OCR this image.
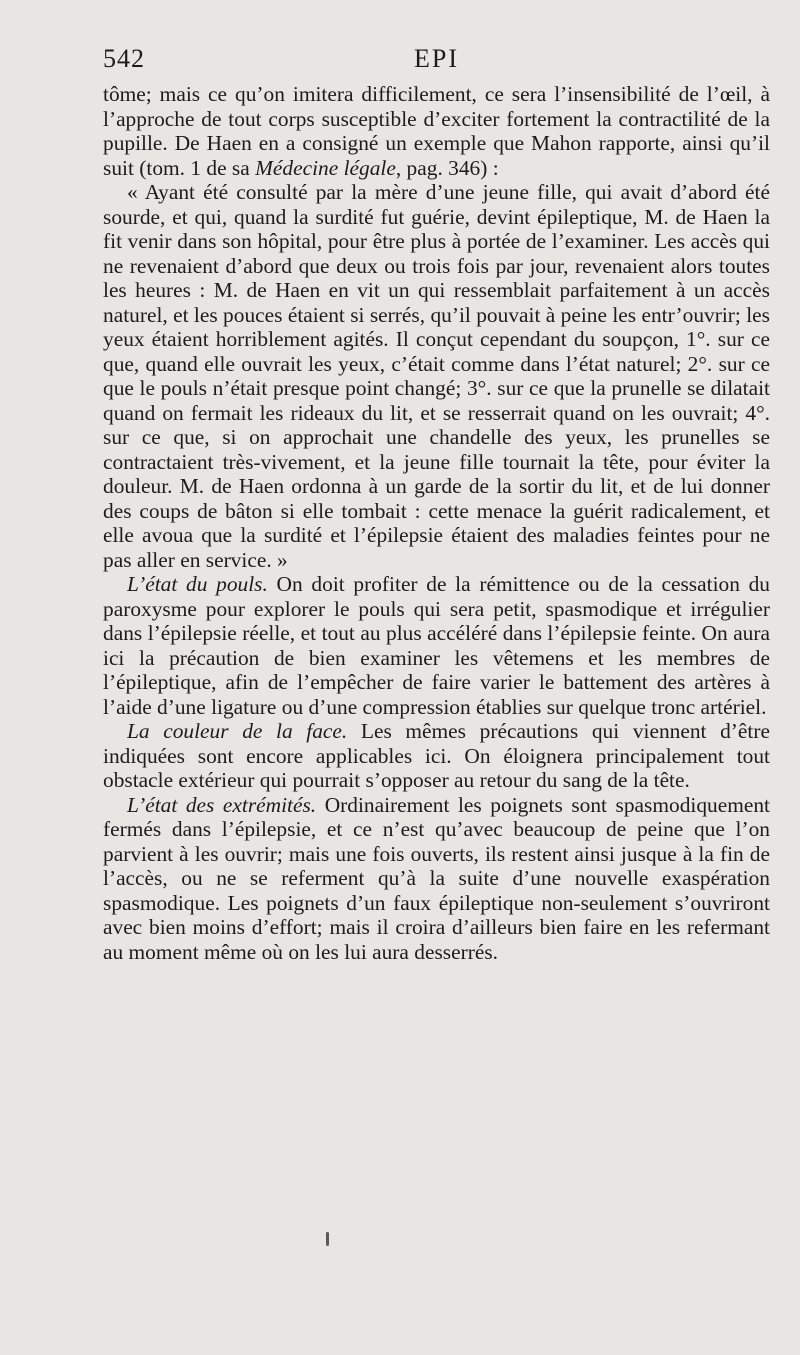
542	EPI

tôme; mais ce qu’on imitera difficilement, ce sera l’insensibilité de l’œil, à l’approche de tout corps susceptible d’exciter fortement la contractilité de la pupille. De Haen en a consigné un exemple que Mahon rapporte, ainsi qu’il suit (tom. 1 de sa Médecine légale, pag. 346) :

« Ayant été consulté par la mère d’une jeune fille, qui avait d’abord été sourde, et qui, quand la surdité fut guérie, devint épileptique, M. de Haen la fit venir dans son hôpital, pour être plus à portée de l’examiner. Les accès qui ne revenaient d’abord que deux ou trois fois par jour, revenaient alors toutes les heures : M. de Haen en vit un qui ressemblait parfaitement à un accès naturel, et les pouces étaient si serrés, qu’il pouvait à peine les entr’ouvrir; les yeux étaient horriblement agités. Il conçut cependant du soupçon, 1°. sur ce que, quand elle ouvrait les yeux, c’était comme dans l’état naturel; 2°. sur ce que le pouls n’était presque point changé; 3°. sur ce que la prunelle se dilatait quand on fermait les rideaux du lit, et se resserrait quand on les ouvrait; 4°. sur ce que, si on approchait une chandelle des yeux, les prunelles se contractaient très-vivement, et la jeune fille tournait la tête, pour éviter la douleur. M. de Haen ordonna à un garde de la sortir du lit, et de lui donner des coups de bâton si elle tombait : cette menace la guérit radicalement, et elle avoua que la surdité et l’épilepsie étaient des maladies feintes pour ne pas aller en service. »

L’état du pouls. On doit profiter de la rémittence ou de la cessation du paroxysme pour explorer le pouls qui sera petit, spasmodique et irrégulier dans l’épilepsie réelle, et tout au plus accéléré dans l’épilepsie feinte. On aura ici la précaution de bien examiner les vêtemens et les membres de l’épileptique, afin de l’empêcher de faire varier le battement des artères à l’aide d’une ligature ou d’une compression établies sur quelque tronc artériel.

La couleur de la face. Les mêmes précautions qui viennent d’être indiquées sont encore applicables ici. On éloignera principalement tout obstacle extérieur qui pourrait s’opposer au retour du sang de la tête.

L’état des extrémités. Ordinairement les poignets sont spasmodiquement fermés dans l’épilepsie, et ce n’est qu’avec beaucoup de peine que l’on parvient à les ouvrir; mais une fois ouverts, ils restent ainsi jusque à la fin de l’accès, ou ne se referment qu’à la suite d’une nouvelle exaspération spasmodique. Les poignets d’un faux épileptique non-seulement s’ouvriront avec bien moins d’effort; mais il croira d’ailleurs bien faire en les refermant au moment même où on les lui aura desserrés.
